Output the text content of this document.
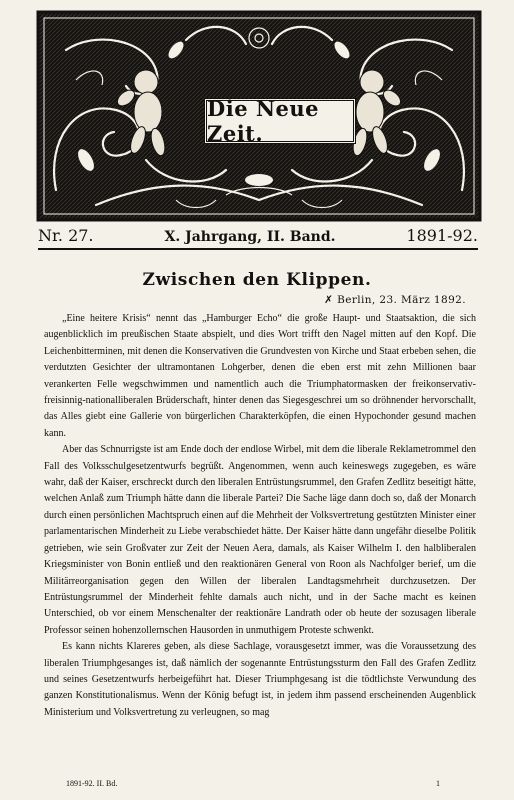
Die Neue Zeit.
Nr. 27.	X. Jahrgang, II. Band.	1891-92.
Zwischen den Klippen.
✗ Berlin, 23. März 1892.

„Eine heitere Krisis“ nennt das „Hamburger Echo“ die große Haupt- und Staatsaktion, die sich augenblicklich im preußischen Staate abspielt, und dies Wort trifft den Nagel mitten auf den Kopf. Die Leichenbitterminen, mit denen die Konservativen die Grundvesten von Kirche und Staat erbeben sehen, die verdutzten Gesichter der ultramontanen Lohgerber, denen die eben erst mit zehn Millionen baar verankerten Felle wegschwimmen und namentlich auch die Triumphatormasken der freikonservativ-freisinnig-nationalliberalen Brüderschaft, hinter denen das Siegesgeschrei um so dröhnender hervorschallt, das Alles giebt eine Gallerie von bürgerlichen Charakterköpfen, die einen Hypochonder gesund machen kann.

Aber das Schnurrigste ist am Ende doch der endlose Wirbel, mit dem die liberale Reklametrommel den Fall des Volksschulgesetzentwurfs begrüßt. Angenommen, wenn auch keineswegs zugegeben, es wäre wahr, daß der Kaiser, erschreckt durch den liberalen Entrüstungsrummel, den Grafen Zedlitz beseitigt hätte, welchen Anlaß zum Triumph hätte dann die liberale Partei? Die Sache läge dann doch so, daß der Monarch durch einen persönlichen Machtspruch einen auf die Mehrheit der Volksvertretung gestützten Minister einer parlamentarischen Minderheit zu Liebe verabschiedet hätte. Der Kaiser hätte dann ungefähr dieselbe Politik getrieben, wie sein Großvater zur Zeit der Neuen Aera, damals, als Kaiser Wilhelm I. den halbliberalen Kriegsminister von Bonin entließ und den reaktionären General von Roon als Nachfolger berief, um die Militärreorganisation gegen den Willen der liberalen Landtagsmehrheit durchzusetzen. Der Entrüstungsrummel der Minderheit fehlte damals auch nicht, und in der Sache macht es keinen Unterschied, ob vor einem Menschenalter der reaktionäre Landrath oder ob heute der sozusagen liberale Professor seinen hohenzollernschen Hausorden in unmuthigem Proteste schwenkt.

Es kann nichts Klareres geben, als diese Sachlage, vorausgesetzt immer, was die Voraussetzung des liberalen Triumphgesanges ist, daß nämlich der sogenannte Entrüstungssturm den Fall des Grafen Zedlitz und seines Gesetzentwurfs herbeigeführt hat. Dieser Triumphgesang ist die tödtlichste Verwundung des ganzen Konstitutionalismus. Wenn der König befugt ist, in jedem ihm passend erscheinenden Augenblick Ministerium und Volksvertretung zu verleugnen, so mag

1891-92. II. Bd.	1
